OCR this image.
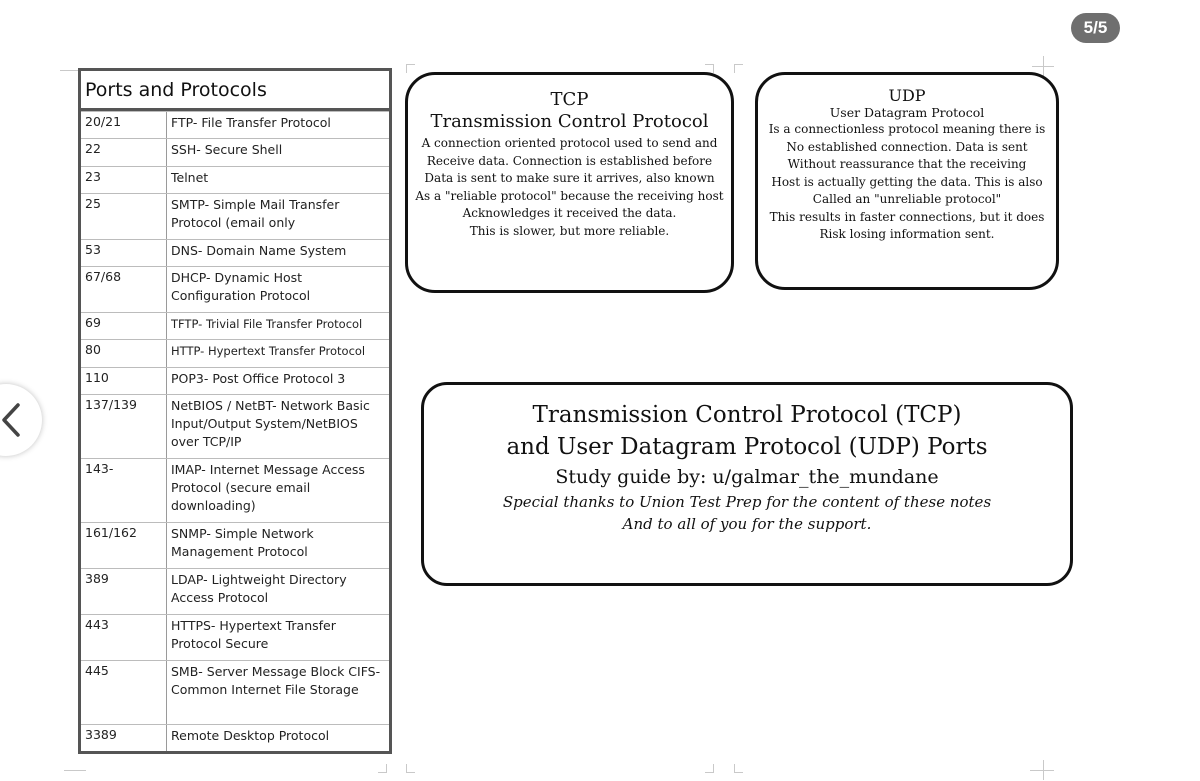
5/5
Ports and Protocols
20/21	FTP- File Transfer Protocol
22	SSH- Secure Shell
23	Telnet
25	SMTP- Simple Mail Transfer Protocol (email only
53	DNS- Domain Name System
67/68	DHCP- Dynamic Host Configuration Protocol
69	TFTP- Trivial File Transfer Protocol
80	HTTP- Hypertext Transfer Protocol
110	POP3- Post Office Protocol 3
137/139	NetBIOS / NetBT- Network Basic Input/Output System/NetBIOS over TCP/IP
143-	IMAP- Internet Message Access Protocol (secure email downloading)
161/162	SNMP- Simple Network Management Protocol
389	LDAP- Lightweight Directory Access Protocol
443	HTTPS- Hypertext Transfer Protocol Secure
445	SMB- Server Message Block CIFS- Common Internet File Storage
3389	Remote Desktop Protocol
TCP
Transmission Control Protocol
A connection oriented protocol used to send and
Receive data. Connection is established before
Data is sent to make sure it arrives, also known
As a "reliable protocol" because the receiving host
Acknowledges it received the data.
This is slower, but more reliable.
UDP
User Datagram Protocol
Is a connectionless protocol meaning there is
No established connection. Data is sent
Without reassurance that the receiving
Host is actually getting the data. This is also
Called an "unreliable protocol"
This results in faster connections, but it does
Risk losing information sent.
Transmission Control Protocol (TCP)
and User Datagram Protocol (UDP) Ports
Study guide by: u/galmar_the_mundane
Special thanks to Union Test Prep for the content of these notes
And to all of you for the support.
